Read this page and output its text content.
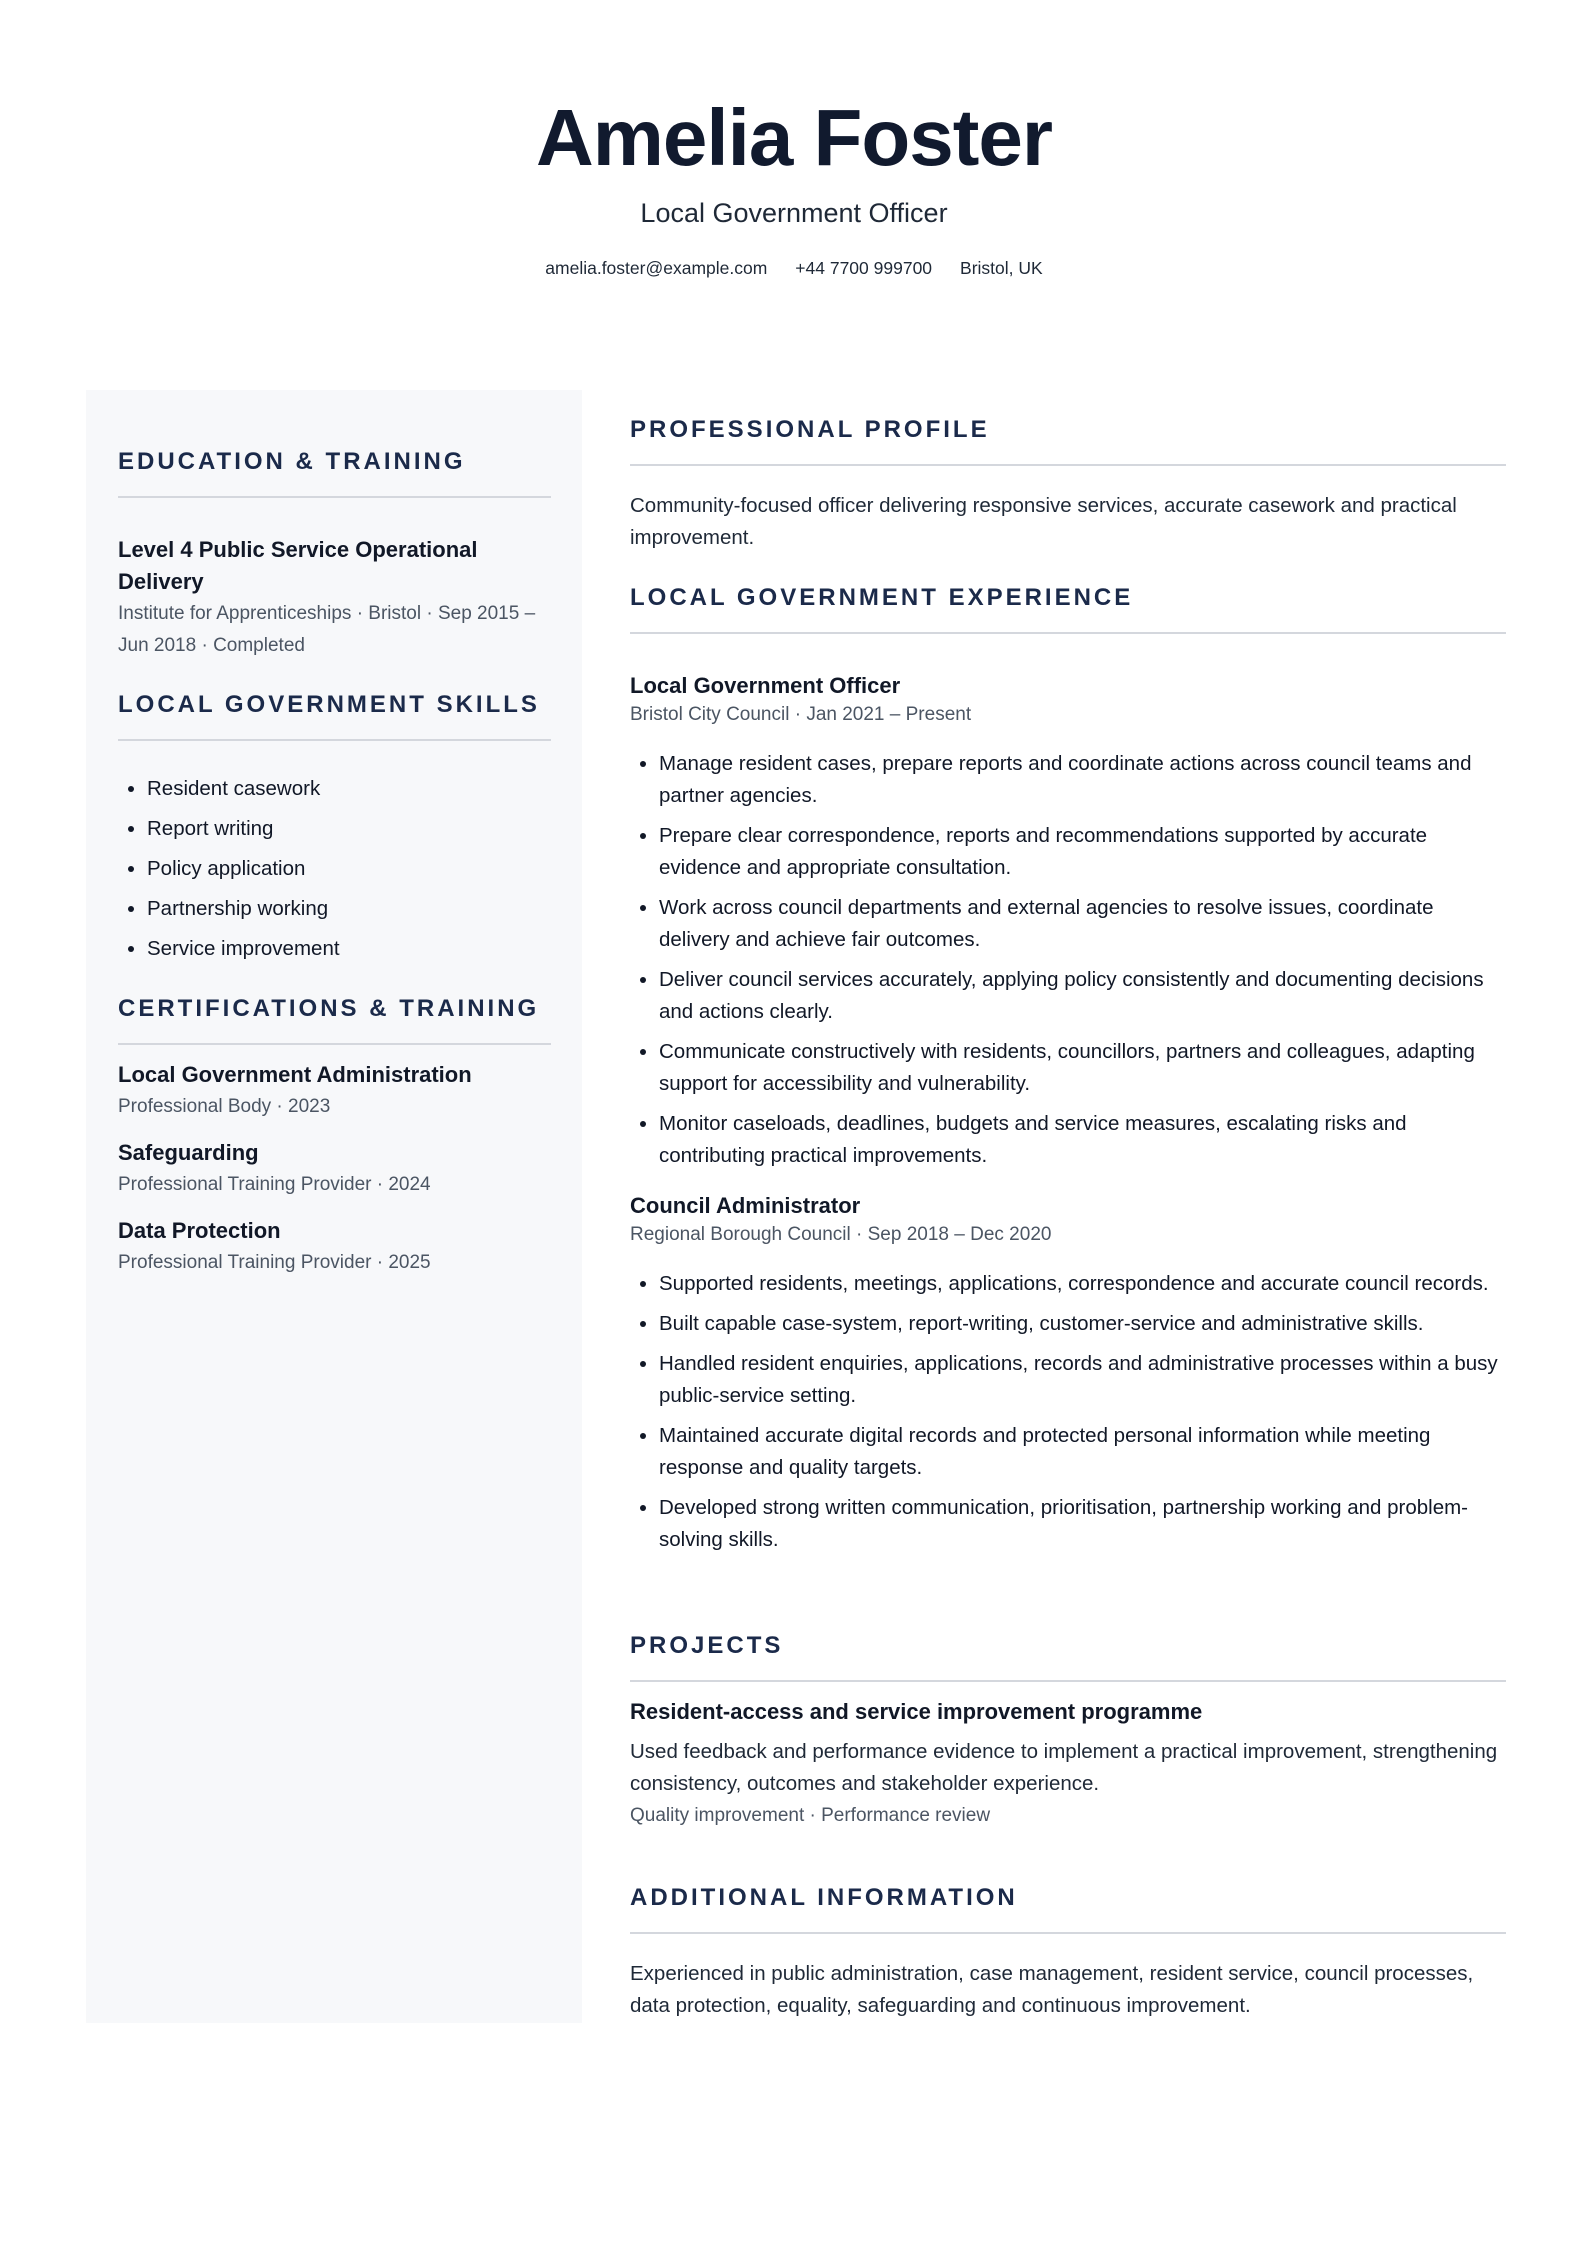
Amelia Foster
Local Government Officer
amelia.foster@example.com +44 7700 999700 Bristol, UK
EDUCATION & TRAINING
Level 4 Public Service Operational Delivery
Institute for Apprenticeships · Bristol · Sep 2015 – Jun 2018 · Completed
LOCAL GOVERNMENT SKILLS
• Resident casework
• Report writing
• Policy application
• Partnership working
• Service improvement
CERTIFICATIONS & TRAINING
Local Government Administration
Professional Body · 2023
Safeguarding
Professional Training Provider · 2024
Data Protection
Professional Training Provider · 2025
PROFESSIONAL PROFILE
Community-focused officer delivering responsive services, accurate casework and practical improvement.
LOCAL GOVERNMENT EXPERIENCE
Local Government Officer
Bristol City Council · Jan 2021 – Present
• Manage resident cases, prepare reports and coordinate actions across council teams and partner agencies.
• Prepare clear correspondence, reports and recommendations supported by accurate evidence and appropriate consultation.
• Work across council departments and external agencies to resolve issues, coordinate delivery and achieve fair outcomes.
• Deliver council services accurately, applying policy consistently and documenting decisions and actions clearly.
• Communicate constructively with residents, councillors, partners and colleagues, adapting support for accessibility and vulnerability.
• Monitor caseloads, deadlines, budgets and service measures, escalating risks and contributing practical improvements.
Council Administrator
Regional Borough Council · Sep 2018 – Dec 2020
• Supported residents, meetings, applications, correspondence and accurate council records.
• Built capable case-system, report-writing, customer-service and administrative skills.
• Handled resident enquiries, applications, records and administrative processes within a busy public-service setting.
• Maintained accurate digital records and protected personal information while meeting response and quality targets.
• Developed strong written communication, prioritisation, partnership working and problem-solving skills.
PROJECTS
Resident-access and service improvement programme
Used feedback and performance evidence to implement a practical improvement, strengthening consistency, outcomes and stakeholder experience.
Quality improvement · Performance review
ADDITIONAL INFORMATION
Experienced in public administration, case management, resident service, council processes, data protection, equality, safeguarding and continuous improvement.
